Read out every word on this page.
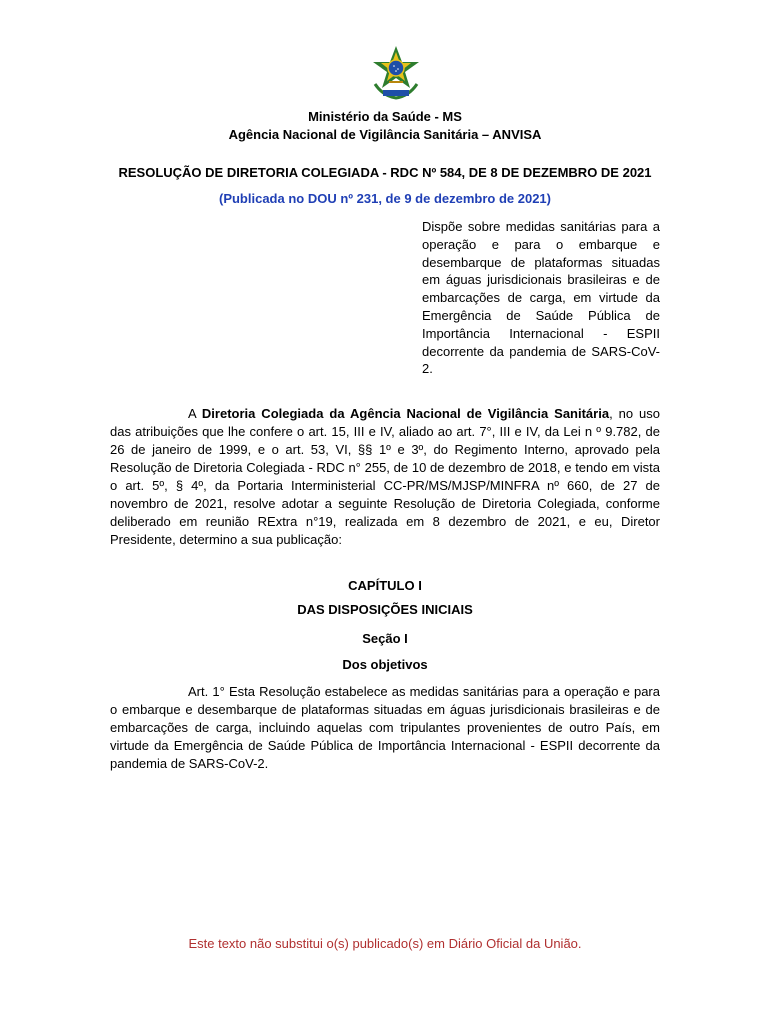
Ministério da Saúde - MS
Agência Nacional de Vigilância Sanitária – ANVISA
RESOLUÇÃO DE DIRETORIA COLEGIADA - RDC Nº 584, DE 8 DE DEZEMBRO DE 2021
(Publicada no DOU nº 231, de 9 de dezembro de 2021)
Dispõe sobre medidas sanitárias para a operação e para o embarque e desembarque de plataformas situadas em águas jurisdicionais brasileiras e de embarcações de carga, em virtude da Emergência de Saúde Pública de Importância Internacional - ESPII decorrente da pandemia de SARS-CoV-2.
A Diretoria Colegiada da Agência Nacional de Vigilância Sanitária, no uso das atribuições que lhe confere o art. 15, III e IV, aliado ao art. 7°, III e IV, da Lei n º 9.782, de 26 de janeiro de 1999, e o art. 53, VI, §§ 1º e 3º, do Regimento Interno, aprovado pela Resolução de Diretoria Colegiada - RDC n° 255, de 10 de dezembro de 2018, e tendo em vista o art. 5º, § 4º, da Portaria Interministerial CC-PR/MS/MJSP/MINFRA nº 660, de 27 de novembro de 2021, resolve adotar a seguinte Resolução de Diretoria Colegiada, conforme deliberado em reunião RExtra n°19, realizada em 8 dezembro de 2021, e eu, Diretor Presidente, determino a sua publicação:
CAPÍTULO I
DAS DISPOSIÇÕES INICIAIS
Seção I
Dos objetivos
Art. 1° Esta Resolução estabelece as medidas sanitárias para a operação e para o embarque e desembarque de plataformas situadas em águas jurisdicionais brasileiras e de embarcações de carga, incluindo aquelas com tripulantes provenientes de outro País, em virtude da Emergência de Saúde Pública de Importância Internacional - ESPII decorrente da pandemia de SARS-CoV-2.
Este texto não substitui o(s) publicado(s) em Diário Oficial da União.
